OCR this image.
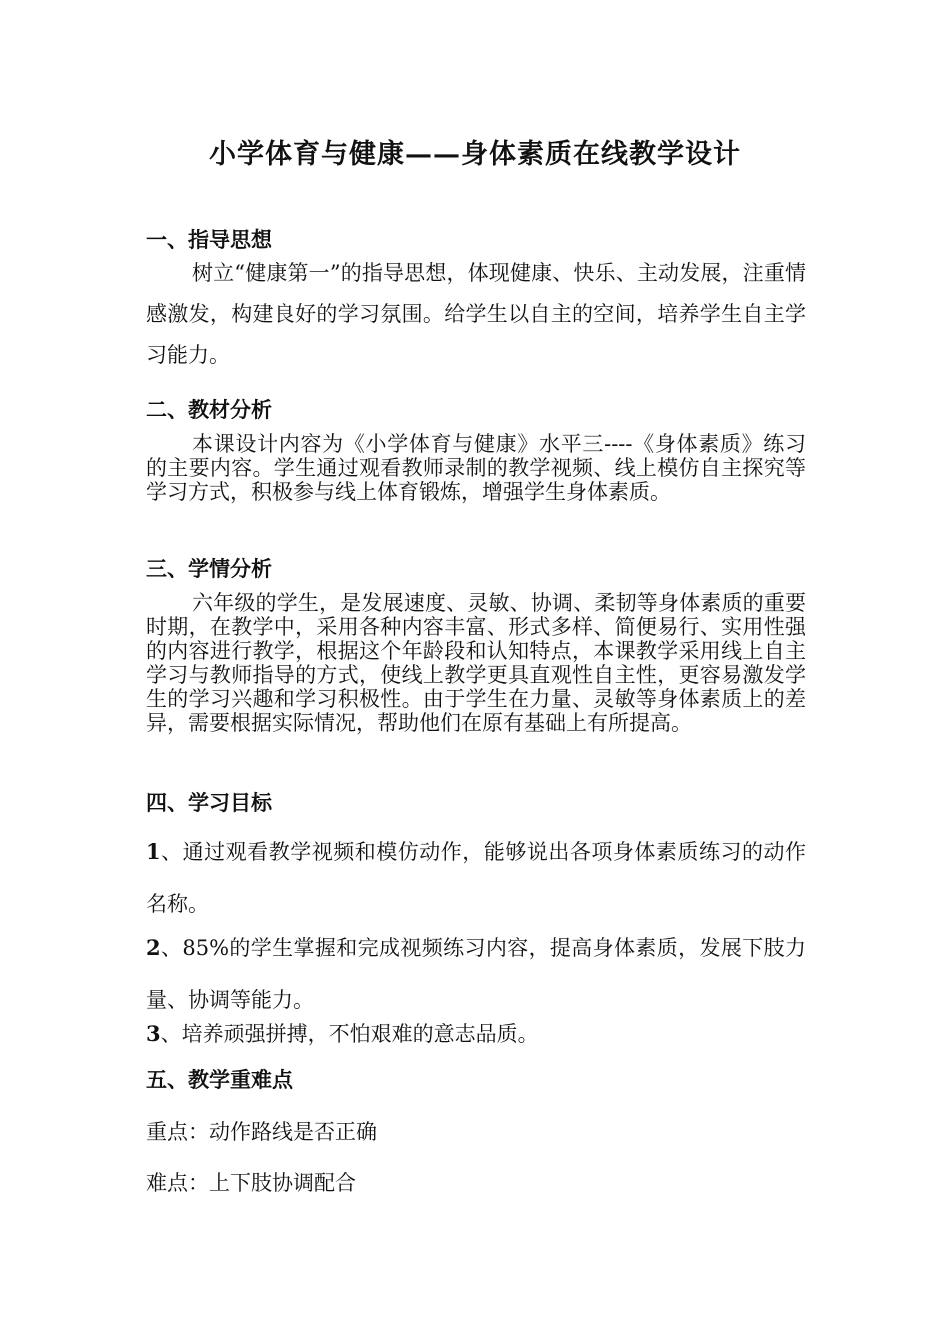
小学体育与健康——身体素质在线教学设计
一、指导思想

树立“健康第一”的指导思想，体现健康、快乐、主动发展，注重情感激发，构建良好的学习氛围。给学生以自主的空间，培养学生自主学习能力。

二、教材分析

本课设计内容为《小学体育与健康》水平三----《身体素质》练习的主要内容。学生通过观看教师录制的教学视频、线上模仿自主探究等学习方式，积极参与线上体育锻炼，增强学生身体素质。

三、学情分析

六年级的学生，是发展速度、灵敏、协调、柔韧等身体素质的重要时期，在教学中，采用各种内容丰富、形式多样、简便易行、实用性强的内容进行教学，根据这个年龄段和认知特点，本课教学采用线上自主学习与教师指导的方式，使线上教学更具直观性自主性，更容易激发学生的学习兴趣和学习积极性。由于学生在力量、灵敏等身体素质上的差异，需要根据实际情况，帮助他们在原有基础上有所提高。

四、学习目标

1、通过观看教学视频和模仿动作，能够说出各项身体素质练习的动作名称。

2、85%的学生掌握和完成视频练习内容，提高身体素质，发展下肢力量、协调等能力。

3、培养顽强拼搏，不怕艰难的意志品质。

五、教学重难点

重点：动作路线是否正确

难点：上下肢协调配合
